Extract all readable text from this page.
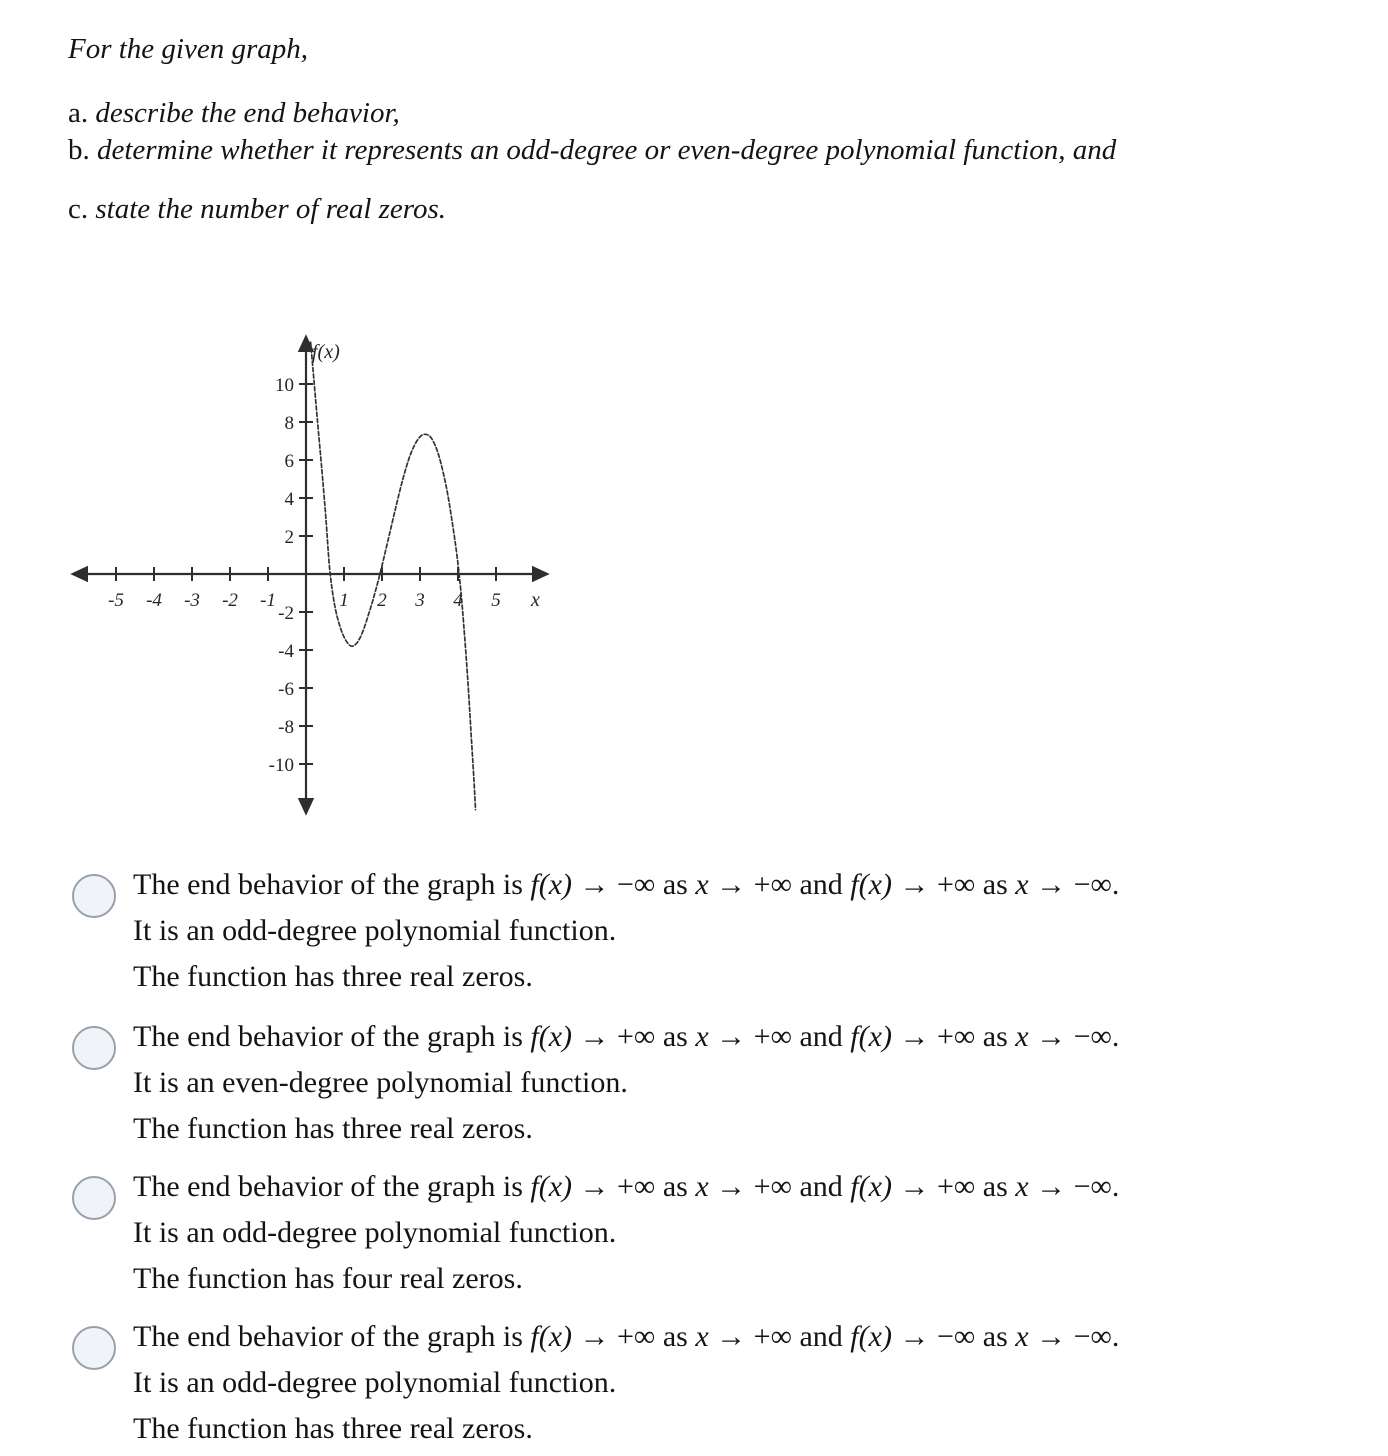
For the given graph,
a. describe the end behavior,
b. determine whether it represents an odd-degree or even-degree polynomial function, and
c. state the number of real zeros.
-5 -4 -3 -2 -1	1 2 3 4 5
10
8
6
4
2
-2
-4
-6
-8
-10
f(x)
x
The end behavior of the graph is f(x) → −∞ as x → +∞ and f(x) → +∞ as x → −∞.
It is an odd-degree polynomial function.
The function has three real zeros.
The end behavior of the graph is f(x) → +∞ as x → +∞ and f(x) → +∞ as x → −∞.
It is an even-degree polynomial function.
The function has three real zeros.
The end behavior of the graph is f(x) → +∞ as x → +∞ and f(x) → +∞ as x → −∞.
It is an odd-degree polynomial function.
The function has four real zeros.
The end behavior of the graph is f(x) → +∞ as x → +∞ and f(x) → −∞ as x → −∞.
It is an odd-degree polynomial function.
The function has three real zeros.
